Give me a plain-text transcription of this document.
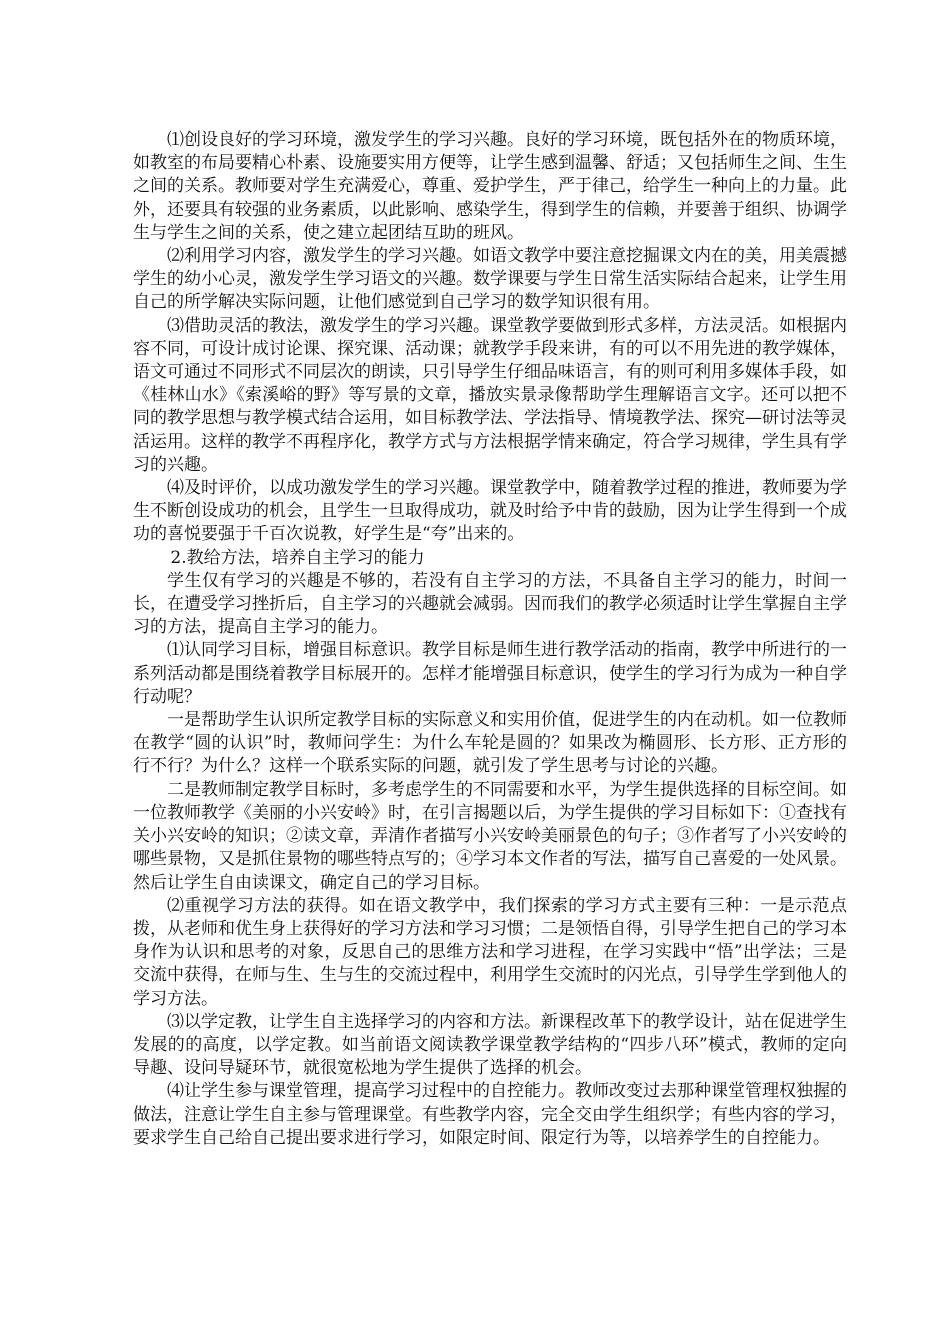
⑴创设良好的学习环境，激发学生的学习兴趣。良好的学习环境，既包括外在的物质环境，如教室的布局要精心朴素、设施要实用方便等，让学生感到温馨、舒适；又包括师生之间、生生之间的关系。教师要对学生充满爱心，尊重、爱护学生，严于律己，给学生一种向上的力量。此外，还要具有较强的业务素质，以此影响、感染学生，得到学生的信赖，并要善于组织、协调学生与学生之间的关系，使之建立起团结互助的班风。

⑵利用学习内容，激发学生的学习兴趣。如语文教学中要注意挖掘课文内在的美，用美震撼学生的幼小心灵，激发学生学习语文的兴趣。数学课要与学生日常生活实际结合起来，让学生用自己的所学解决实际问题，让他们感觉到自己学习的数学知识很有用。

⑶借助灵活的教法，激发学生的学习兴趣。课堂教学要做到形式多样，方法灵活。如根据内容不同，可设计成讨论课、探究课、活动课；就教学手段来讲，有的可以不用先进的教学媒体，语文可通过不同形式不同层次的朗读，只引导学生仔细品味语言，有的则可利用多媒体手段，如《桂林山水》《索溪峪的野》等写景的文章，播放实景录像帮助学生理解语言文字。还可以把不同的教学思想与教学模式结合运用，如目标教学法、学法指导、情境教学法、探究—研讨法等灵活运用。这样的教学不再程序化，教学方式与方法根据学情来确定，符合学习规律，学生具有学习的兴趣。

⑷及时评价，以成功激发学生的学习兴趣。课堂教学中，随着教学过程的推进，教师要为学生不断创设成功的机会，且学生一旦取得成功，就及时给予中肯的鼓励，因为让学生得到一个成功的喜悦要强于千百次说教，好学生是“夸”出来的。

2.教给方法，培养自主学习的能力

学生仅有学习的兴趣是不够的，若没有自主学习的方法，不具备自主学习的能力，时间一长，在遭受学习挫折后，自主学习的兴趣就会减弱。因而我们的教学必须适时让学生掌握自主学习的方法，提高自主学习的能力。

⑴认同学习目标，增强目标意识。教学目标是师生进行教学活动的指南，教学中所进行的一系列活动都是围绕着教学目标展开的。怎样才能增强目标意识，使学生的学习行为成为一种自学行动呢？

一是帮助学生认识所定教学目标的实际意义和实用价值，促进学生的内在动机。如一位教师在教学“圆的认识”时，教师问学生：为什么车轮是圆的？如果改为椭圆形、长方形、正方形的行不行？为什么？这样一个联系实际的问题，就引发了学生思考与讨论的兴趣。

二是教师制定教学目标时，多考虑学生的不同需要和水平，为学生提供选择的目标空间。如一位教师教学《美丽的小兴安岭》时，在引言揭题以后，为学生提供的学习目标如下：①查找有关小兴安岭的知识；②读文章，弄清作者描写小兴安岭美丽景色的句子；③作者写了小兴安岭的哪些景物，又是抓住景物的哪些特点写的；④学习本文作者的写法，描写自己喜爱的一处风景。然后让学生自由读课文，确定自己的学习目标。

⑵重视学习方法的获得。如在语文教学中，我们探索的学习方式主要有三种：一是示范点拨，从老师和优生身上获得好的学习方法和学习习惯；二是领悟自得，引导学生把自己的学习本身作为认识和思考的对象，反思自己的思维方法和学习进程，在学习实践中“悟”出学法；三是交流中获得，在师与生、生与生的交流过程中，利用学生交流时的闪光点，引导学生学到他人的学习方法。

⑶以学定教，让学生自主选择学习的内容和方法。新课程改革下的教学设计，站在促进学生发展的的高度，以学定教。如当前语文阅读教学课堂教学结构的“四步八环”模式，教师的定向导趣、设问导疑环节，就很宽松地为学生提供了选择的机会。

⑷让学生参与课堂管理，提高学习过程中的自控能力。教师改变过去那种课堂管理权独握的做法，注意让学生自主参与管理课堂。有些教学内容，完全交由学生组织学；有些内容的学习，要求学生自己给自己提出要求进行学习，如限定时间、限定行为等，以培养学生的自控能力。
